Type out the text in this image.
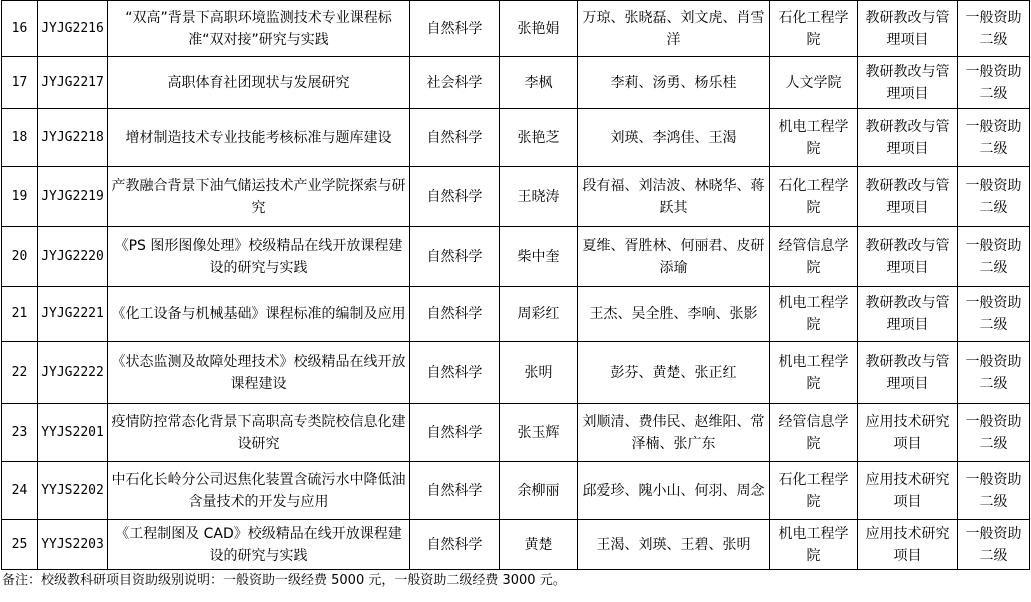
16	JYJG2216	“双高”背景下高职环境监测技术专业课程标准“双对接”研究与实践	自然科学	张艳娟	万琼、张晓磊、刘文虎、肖雪洋	石化工程学院	教研教改与管理项目	一般资助二级
17	JYJG2217	高职体育社团现状与发展研究	社会科学	李枫	李莉、汤勇、杨乐桂	人文学院	教研教改与管理项目	一般资助二级
18	JYJG2218	增材制造技术专业技能考核标准与题库建设	自然科学	张艳芝	刘瑛、李鸿佳、王渴	机电工程学院	教研教改与管理项目	一般资助二级
19	JYJG2219	产教融合背景下油气储运技术产业学院探索与研究	自然科学	王晓涛	段有福、刘洁波、林晓华、蒋跃其	石化工程学院	教研教改与管理项目	一般资助二级
20	JYJG2220	《PS 图形图像处理》校级精品在线开放课程建设的研究与实践	自然科学	柴中奎	夏维、胥胜林、何丽君、皮研添瑜	经管信息学院	教研教改与管理项目	一般资助二级
21	JYJG2221	《化工设备与机械基础》课程标准的编制及应用	自然科学	周彩红	王杰、吴全胜、李响、张影	机电工程学院	教研教改与管理项目	一般资助二级
22	JYJG2222	《状态监测及故障处理技术》校级精品在线开放课程建设	自然科学	张明	彭芬、黄楚、张正红	机电工程学院	教研教改与管理项目	一般资助二级
23	YYJS2201	疫情防控常态化背景下高职高专类院校信息化建设研究	自然科学	张玉辉	刘顺清、费伟民、赵维阳、常泽楠、张广东	经管信息学院	应用技术研究项目	一般资助二级
24	YYJS2202	中石化长岭分公司迟焦化装置含硫污水中降低油含量技术的开发与应用	自然科学	余柳丽	邱爱珍、隗小山、何羽、周念	石化工程学院	应用技术研究项目	一般资助二级
25	YYJS2203	《工程制图及 CAD》校级精品在线开放课程建设的研究与实践	自然科学	黄楚	王渴、刘瑛、王碧、张明	机电工程学院	应用技术研究项目	一般资助二级
备注：校级教科研项目资助级别说明：一般资助一级经费 5000 元，一般资助二级经费 3000 元。
